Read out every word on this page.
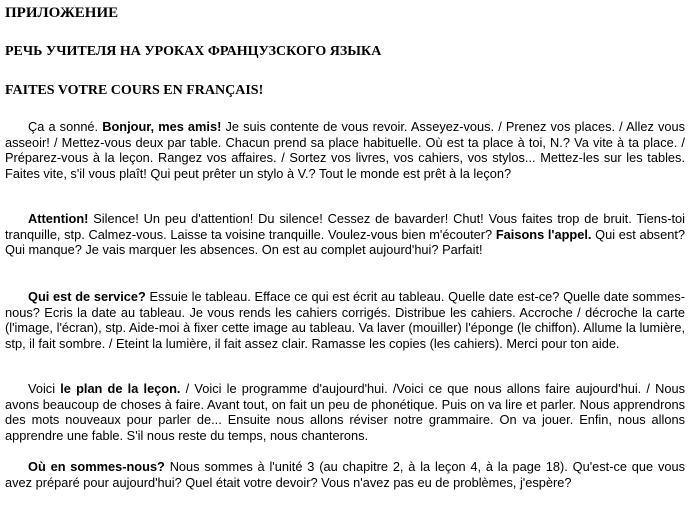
ПРИЛОЖЕНИЕ
РЕЧЬ УЧИТЕЛЯ НА УРОКАХ ФРАНЦУЗСКОГО ЯЗЫКА
FAITES VOTRE COURS EN FRANÇAIS!

Ça a sonné. Bonjour, mes amis! Je suis contente de vous revoir. Asseyez-vous. / Prenez vos places. / Allez vous asseoir! / Mettez-vous deux par table. Chacun prend sa place habituelle. Où est ta place à toi, N.? Va vite à ta place. / Préparez-vous à la leçon. Rangez vos affaires. / Sortez vos livres, vos cahiers, vos stylos... Mettez-les sur les tables. Faites vite, s'il vous plaît! Qui peut prêter un stylo à V.? Tout le monde est prêt à la leçon?

Attention! Silence! Un peu d'attention! Du silence! Cessez de bavarder! Chut! Vous faites trop de bruit. Tiens-toi tranquille, stp. Calmez-vous. Laisse ta voisine tranquille. Voulez-vous bien m'écouter? Faisons l'appel. Qui est absent? Qui manque? Je vais marquer les absences. On est au complet aujourd'hui? Parfait!

Qui est de service? Essuie le tableau. Efface ce qui est écrit au tableau. Quelle date est-ce? Quelle date sommes-nous? Ecris la date au tableau. Je vous rends les cahiers corrigés. Distribue les cahiers. Accroche / décroche la carte (l'image, l'écran), stp. Aide-moi à fixer cette image au tableau. Va laver (mouiller) l'éponge (le chiffon). Allume la lumière, stp, il fait sombre. / Eteint la lumière, il fait assez clair. Ramasse les copies (les cahiers). Merci pour ton aide.

Voici le plan de la leçon. / Voici le programme d'aujourd'hui. /Voici ce que nous allons faire aujourd'hui. / Nous avons beaucoup de choses à faire. Avant tout, on fait un peu de phonétique. Puis on va lire et parler. Nous apprendrons des mots nouveaux pour parler de... Ensuite nous allons réviser notre grammaire. On va jouer. Enfin, nous allons apprendre une fable. S'il nous reste du temps, nous chanterons.

Où en sommes-nous? Nous sommes à l'unité 3 (au chapitre 2, à la leçon 4, à la page 18). Qu'est-ce que vous avez préparé pour aujourd'hui? Quel était votre devoir? Vous n'avez pas eu de problèmes, j'espère?
